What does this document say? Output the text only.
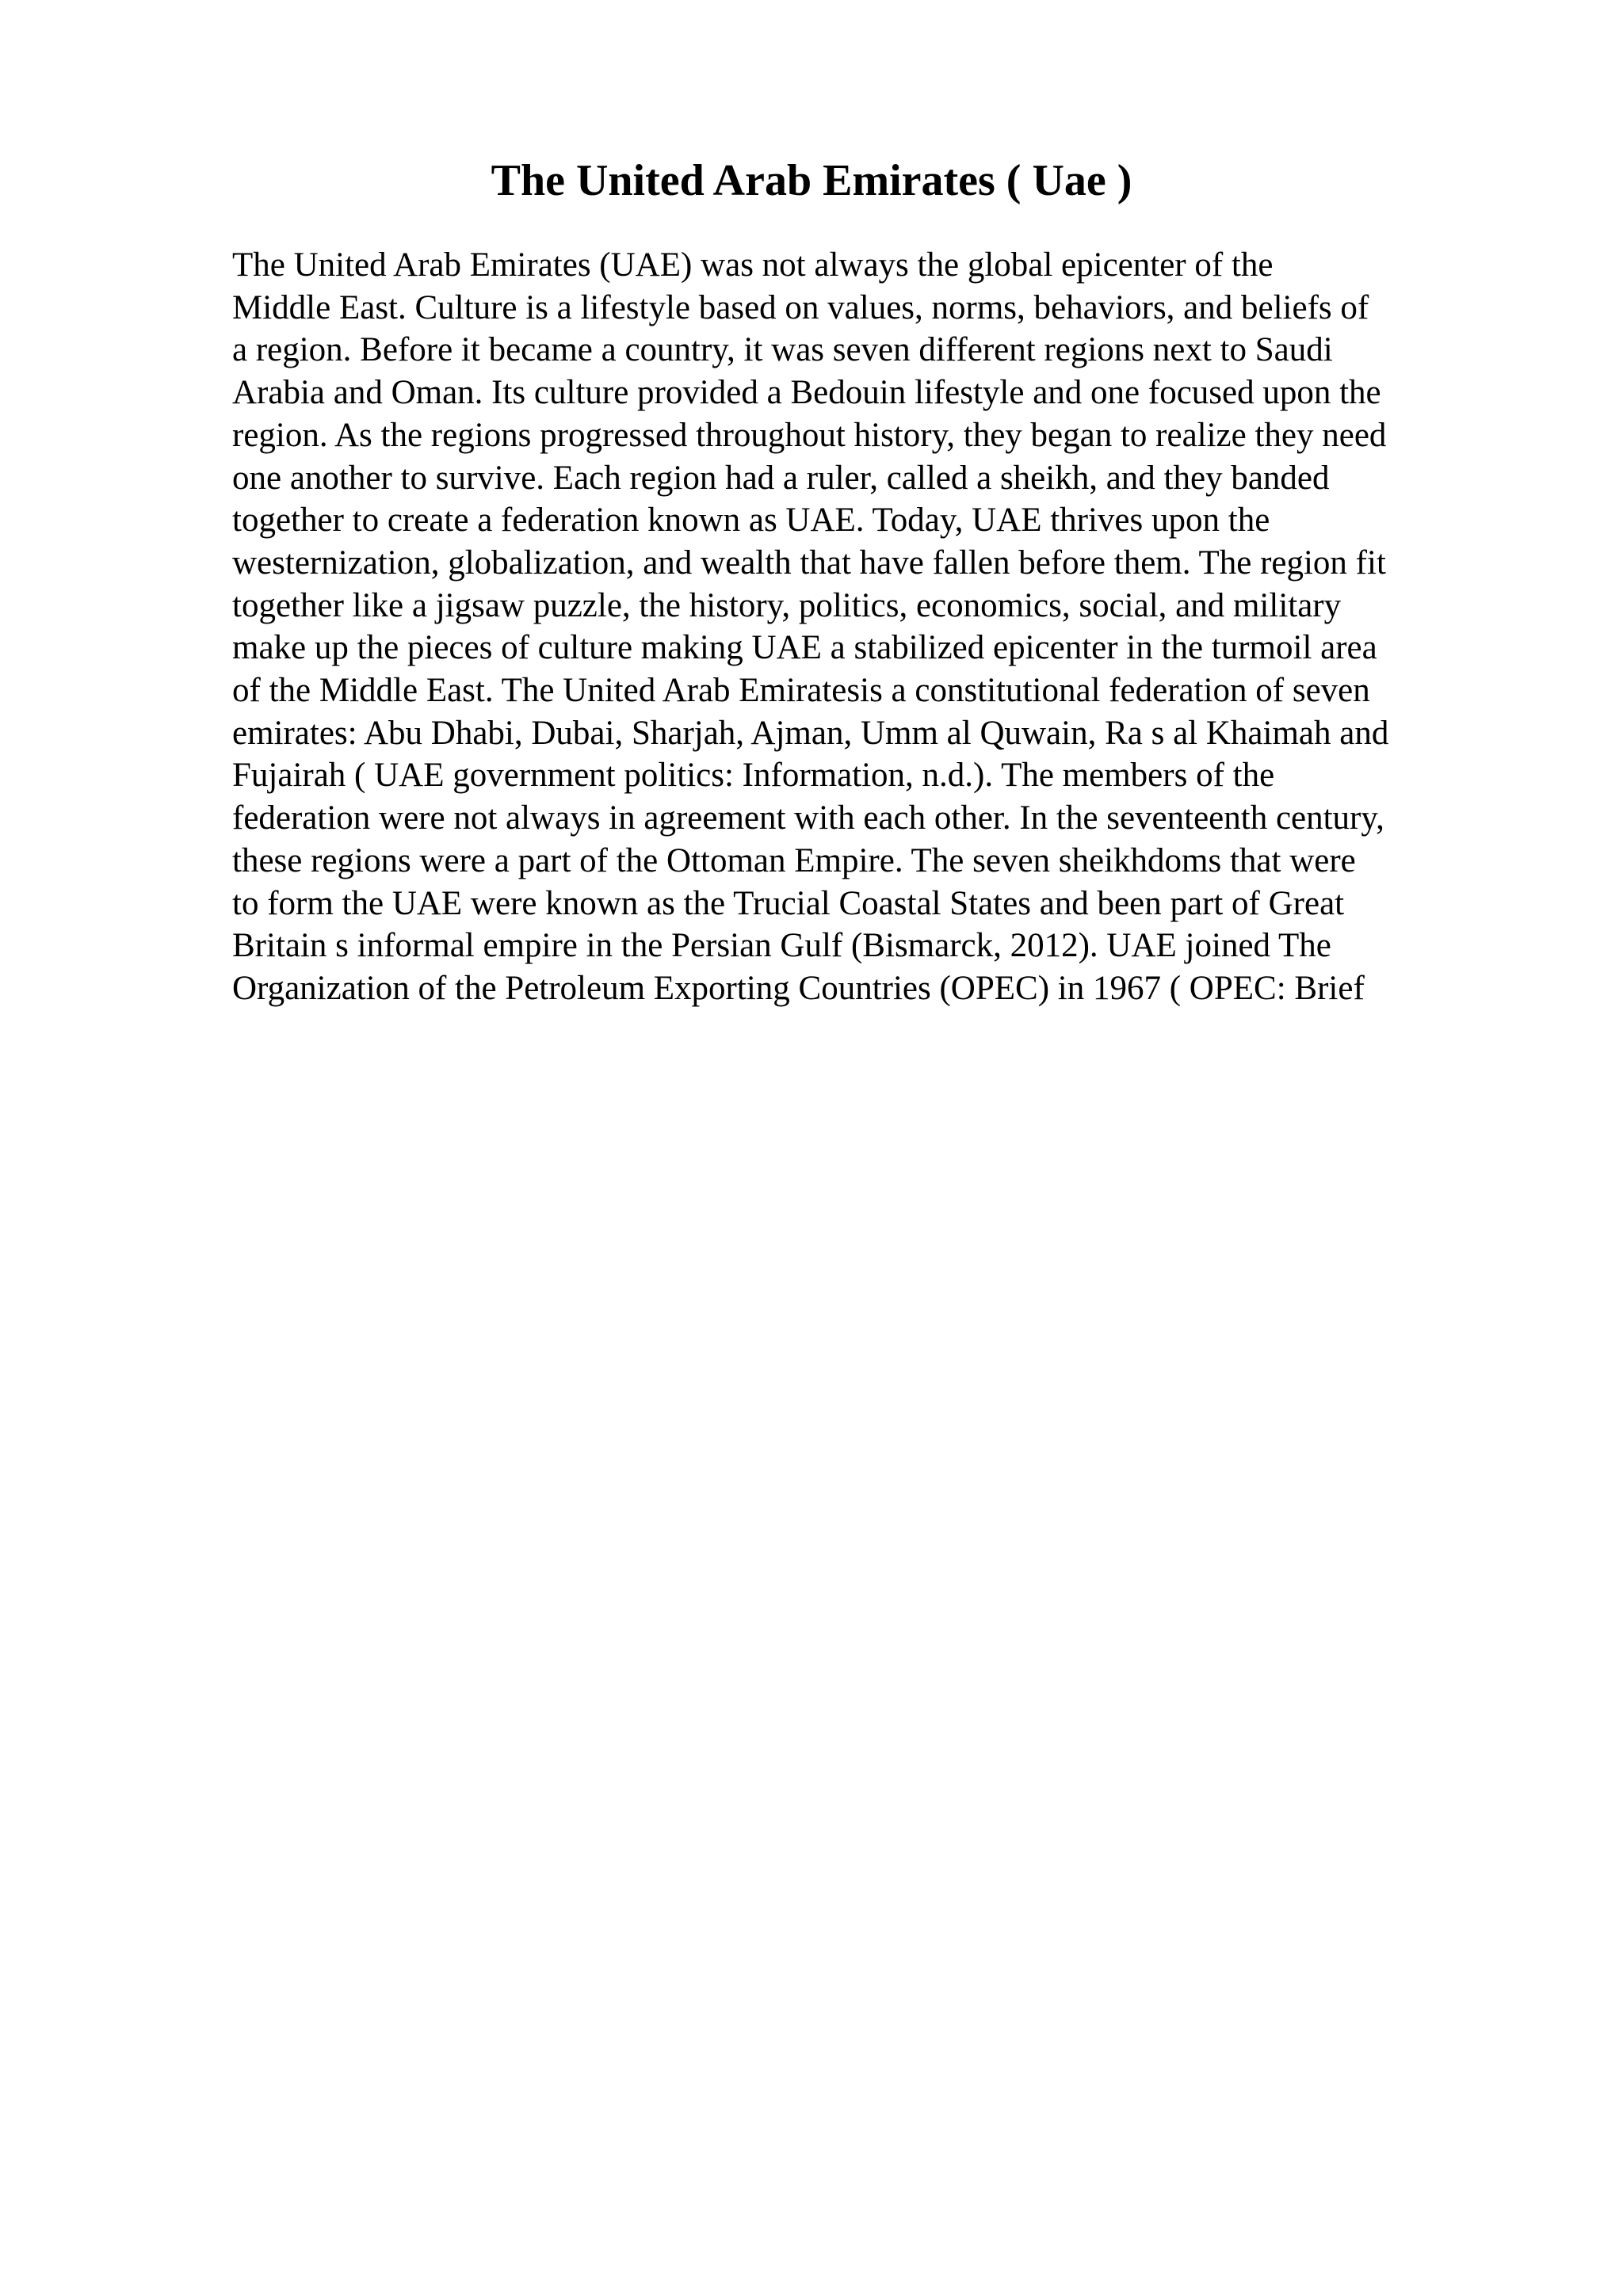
The United Arab Emirates ( Uae )
The United Arab Emirates (UAE) was not always the global epicenter of the
Middle East. Culture is a lifestyle based on values, norms, behaviors, and beliefs of
a region. Before it became a country, it was seven different regions next to Saudi
Arabia and Oman. Its culture provided a Bedouin lifestyle and one focused upon the
region. As the regions progressed throughout history, they began to realize they need
one another to survive. Each region had a ruler, called a sheikh, and they banded
together to create a federation known as UAE. Today, UAE thrives upon the
westernization, globalization, and wealth that have fallen before them. The region fit
together like a jigsaw puzzle, the history, politics, economics, social, and military
make up the pieces of culture making UAE a stabilized epicenter in the turmoil area
of the Middle East. The United Arab Emiratesis a constitutional federation of seven
emirates: Abu Dhabi, Dubai, Sharjah, Ajman, Umm al Quwain, Ra s al Khaimah and
Fujairah ( UAE government politics: Information, n.d.). The members of the
federation were not always in agreement with each other. In the seventeenth century,
these regions were a part of the Ottoman Empire. The seven sheikhdoms that were
to form the UAE were known as the Trucial Coastal States and been part of Great
Britain s informal empire in the Persian Gulf (Bismarck, 2012). UAE joined The
Organization of the Petroleum Exporting Countries (OPEC) in 1967 ( OPEC: Brief
